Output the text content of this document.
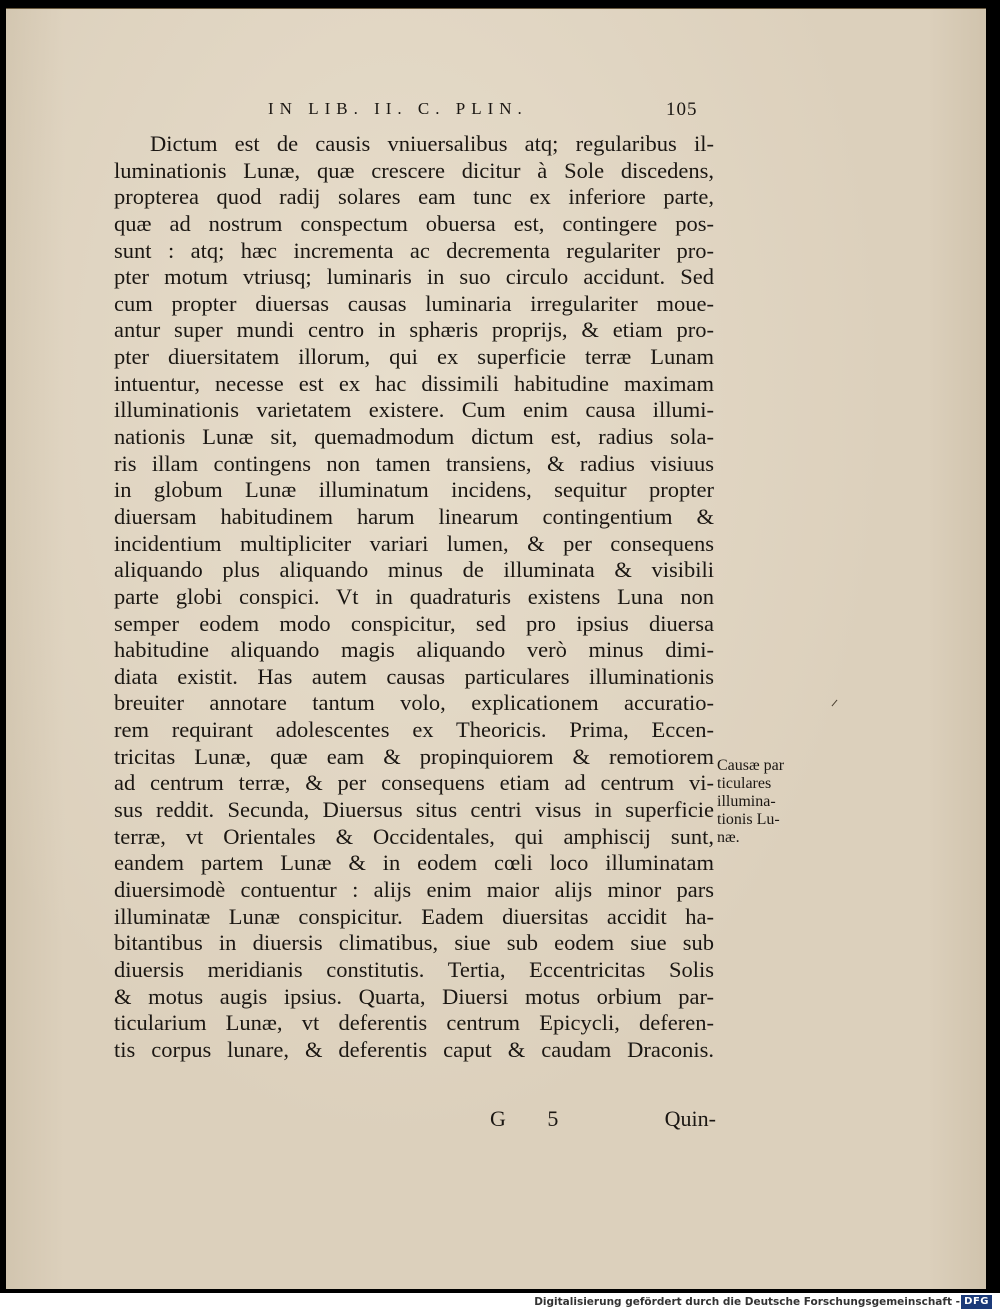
IN LIB. II. C. PLIN.	105
Dictum est de causis vniuersalibus atq; regularibus il-
luminationis Lunæ, quæ crescere dicitur à Sole discedens,
propterea quod radij solares eam tunc ex inferiore parte,
quæ ad nostrum conspectum obuersa est, contingere pos-
sunt : atq; hæc incrementa ac decrementa regulariter pro-
pter motum vtriusq; luminaris in suo circulo accidunt. Sed
cum propter diuersas causas luminaria irregulariter moue-
antur super mundi centro in sphæris proprijs, & etiam pro-
pter diuersitatem illorum, qui ex superficie terræ Lunam
intuentur, necesse est ex hac dissimili habitudine maximam
illuminationis varietatem existere. Cum enim causa illumi-
nationis Lunæ sit, quemadmodum dictum est, radius sola-
ris illam contingens non tamen transiens, & radius visiuus
in globum Lunæ illuminatum incidens, sequitur propter
diuersam habitudinem harum linearum contingentium &
incidentium multipliciter variari lumen, & per consequens
aliquando plus aliquando minus de illuminata & visibili
parte globi conspici. Vt in quadraturis existens Luna non
semper eodem modo conspicitur, sed pro ipsius diuersa
habitudine aliquando magis aliquando verò minus dimi-
diata existit. Has autem causas particulares illuminationis
breuiter annotare tantum volo, explicationem accuratio-
rem requirant adolescentes ex Theoricis. Prima, Eccen-
tricitas Lunæ, quæ eam & propinquiorem & remotiorem
ad centrum terræ, & per consequens etiam ad centrum vi-
sus reddit. Secunda, Diuersus situs centri visus in superficie
terræ, vt Orientales & Occidentales, qui amphiscij sunt,
eandem partem Lunæ & in eodem cœli loco illuminatam
diuersimodè contuentur : alijs enim maior alijs minor pars
illuminatæ Lunæ conspicitur. Eadem diuersitas accidit ha-
bitantibus in diuersis climatibus, siue sub eodem siue sub
diuersis meridianis constitutis. Tertia, Eccentricitas Solis
& motus augis ipsius. Quarta, Diuersi motus orbium par-
ticularium Lunæ, vt deferentis centrum Epicycli, deferen-
tis corpus lunare, & deferentis caput & caudam Draconis.
Causæ par
ticulares
illumina-
tionis Lu-
næ.
G 5	Quin-
Digitalisierung gefördert durch die Deutsche Forschungsgemeinschaft - DFG
